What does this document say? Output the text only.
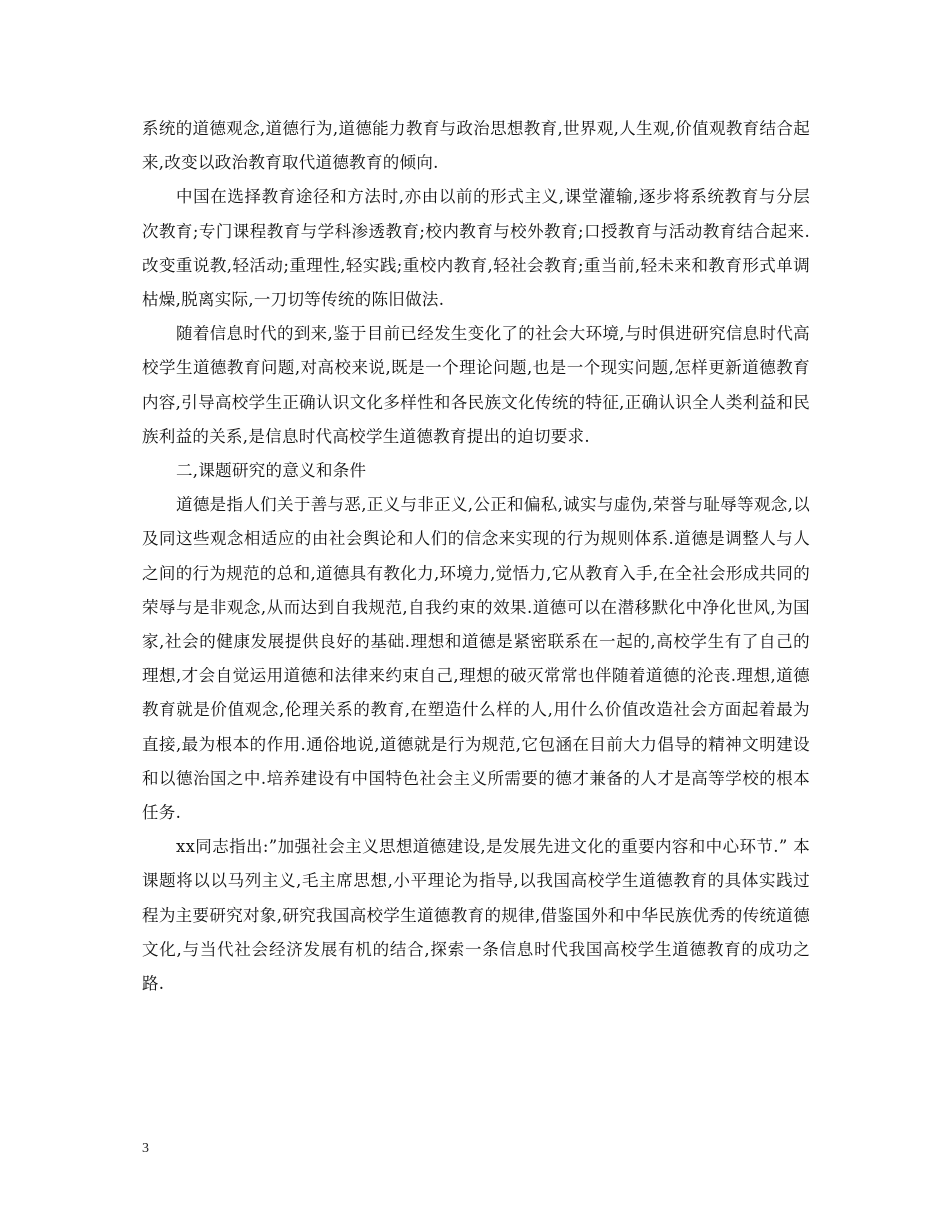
系统的道德观念,道德行为,道德能力教育与政治思想教育,世界观,人生观,价值观教育结合起来,改变以政治教育取代道德教育的倾向.

中国在选择教育途径和方法时,亦由以前的形式主义,课堂灌输,逐步将系统教育与分层次教育;专门课程教育与学科渗透教育;校内教育与校外教育;口授教育与活动教育结合起来.改变重说教,轻活动;重理性,轻实践;重校内教育,轻社会教育;重当前,轻未来和教育形式单调枯燥,脱离实际,一刀切等传统的陈旧做法.

随着信息时代的到来,鉴于目前已经发生变化了的社会大环境,与时俱进研究信息时代高校学生道德教育问题,对高校来说,既是一个理论问题,也是一个现实问题,怎样更新道德教育内容,引导高校学生正确认识文化多样性和各民族文化传统的特征,正确认识全人类利益和民族利益的关系,是信息时代高校学生道德教育提出的迫切要求.

二,课题研究的意义和条件

道德是指人们关于善与恶,正义与非正义,公正和偏私,诚实与虚伪,荣誉与耻辱等观念,以及同这些观念相适应的由社会舆论和人们的信念来实现的行为规则体系.道德是调整人与人之间的行为规范的总和,道德具有教化力,环境力,觉悟力,它从教育入手,在全社会形成共同的荣辱与是非观念,从而达到自我规范,自我约束的效果.道德可以在潜移默化中净化世风,为国家,社会的健康发展提供良好的基础.理想和道德是紧密联系在一起的,高校学生有了自己的理想,才会自觉运用道德和法律来约束自己,理想的破灭常常也伴随着道德的沦丧.理想,道德教育就是价值观念,伦理关系的教育,在塑造什么样的人,用什么价值改造社会方面起着最为直接,最为根本的作用.通俗地说,道德就是行为规范,它包涵在目前大力倡导的精神文明建设和以德治国之中.培养建设有中国特色社会主义所需要的德才兼备的人才是高等学校的根本任务.

xx同志指出:”加强社会主义思想道德建设,是发展先进文化的重要内容和中心环节.” 本课题将以以马列主义,毛主席思想,小平理论为指导,以我国高校学生道德教育的具体实践过程为主要研究对象,研究我国高校学生道德教育的规律,借鉴国外和中华民族优秀的传统道德文化,与当代社会经济发展有机的结合,探索一条信息时代我国高校学生道德教育的成功之路.

3
